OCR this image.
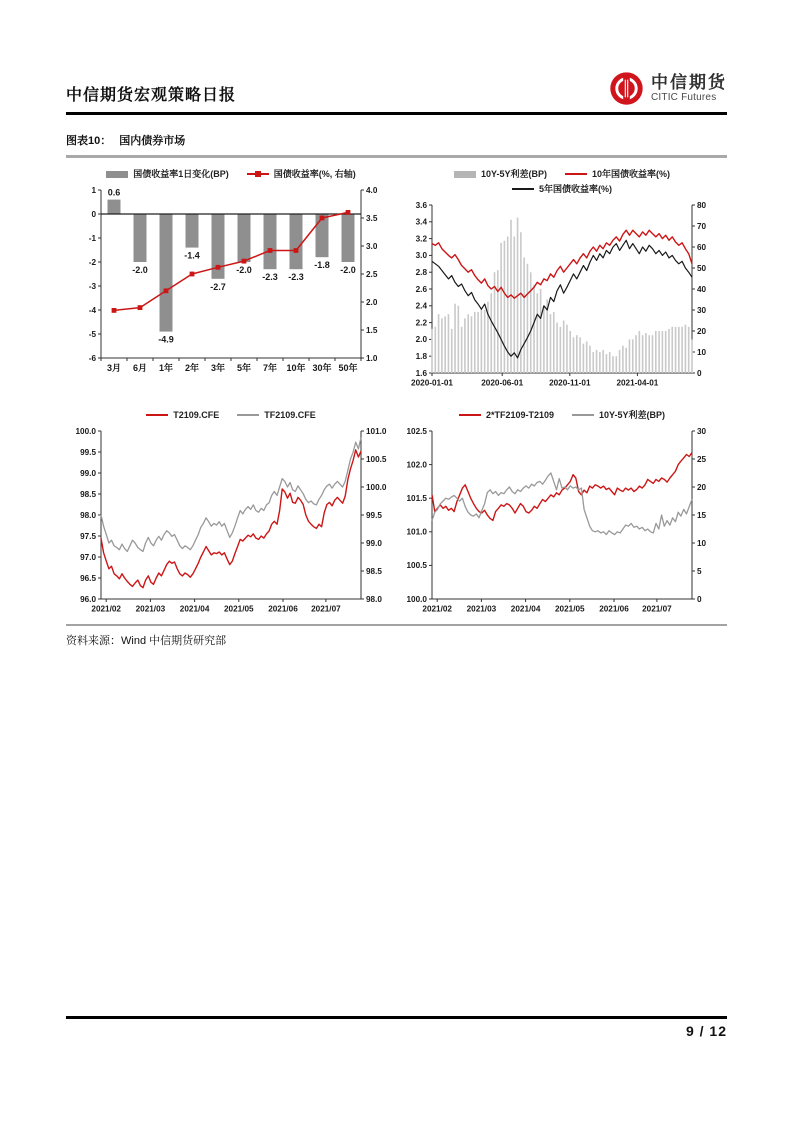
中信期货宏观策略日报
中信期货
CITIC Futures
图表10： 国内债券市场
国债收益率1日变化(BP)	国债收益率(%, 右轴)
1
0
-1
-2
-3
-4
-5
-6
4.0
3.5
3.0
2.5
2.0
1.5
1.0
3月 6月 1年 2年 3年 5年 7年 10年 30年 50年
0.6
-2.0
-4.9
-1.4
-2.7
-2.0
-2.3 -2.3
-1.8 -2.0
10Y-5Y利差(BP)	10年国债收益率(%)
5年国债收益率(%)
3.6
3.4
3.2
3.0
2.8
2.6
2.4
2.2
2.0
1.8
1.6
80
70
60
50
40
30
20
10
0
2020-01-01	2020-06-01	2020-11-01	2021-04-01
T2109.CFE	TF2109.CFE
100.0
99.5
99.0
98.5
98.0
97.5
97.0
96.5
96.0
101.0
100.5
100.0
99.5
99.0
98.5
98.0
2021/02 2021/03 2021/04 2021/05 2021/06 2021/07
2*TF2109-T2109	10Y-5Y利差(BP)
102.5
102.0
101.5
101.0
100.5
100.0
30
25
20
15
10
5
0
2021/02 2021/03 2021/04 2021/05 2021/06 2021/07
资料来源：Wind 中信期货研究部
9 / 12
